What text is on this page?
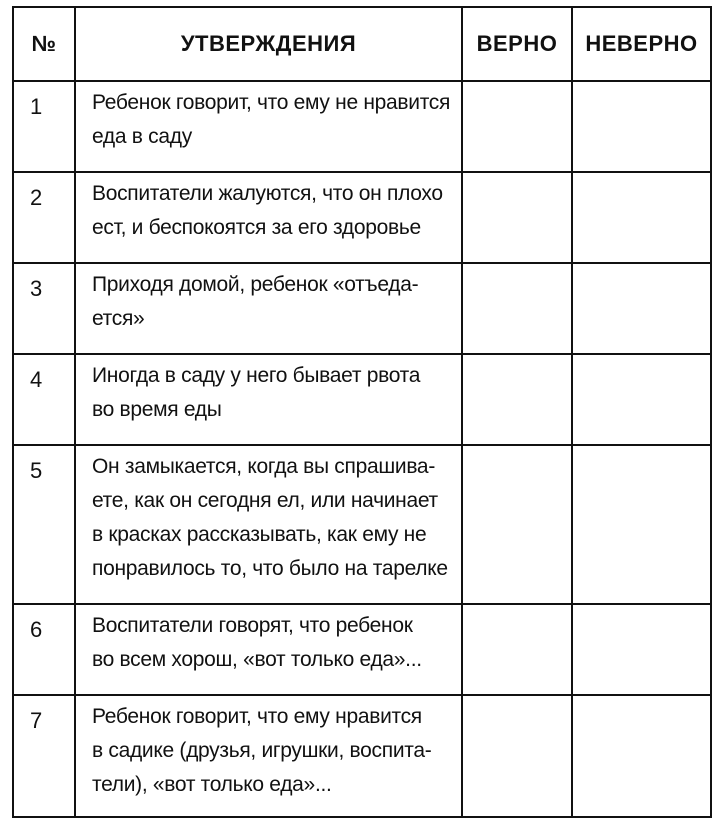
№	УТВЕРЖДЕНИЯ	ВЕРНО	НЕВЕРНО
1	Ребенок говорит, что ему не нравится
еда в саду		

2	Воспитатели жалуются, что он плохо
ест, и беспокоятся за его здоровье		

3	Приходя домой, ребенок «отъеда-
ется»		

4	Иногда в саду у него бывает рвота
во время еды		

5	Он замыкается, когда вы спрашива-
ете, как он сегодня ел, или начинает
в красках рассказывать, как ему не
понравилось то, что было на тарелке		

6	Воспитатели говорят, что ребенок
во всем хорош, «вот только еда»...		

7	Ребенок говорит, что ему нравится
в садике (друзья, игрушки, воспита-
тели), «вот только еда»...		
